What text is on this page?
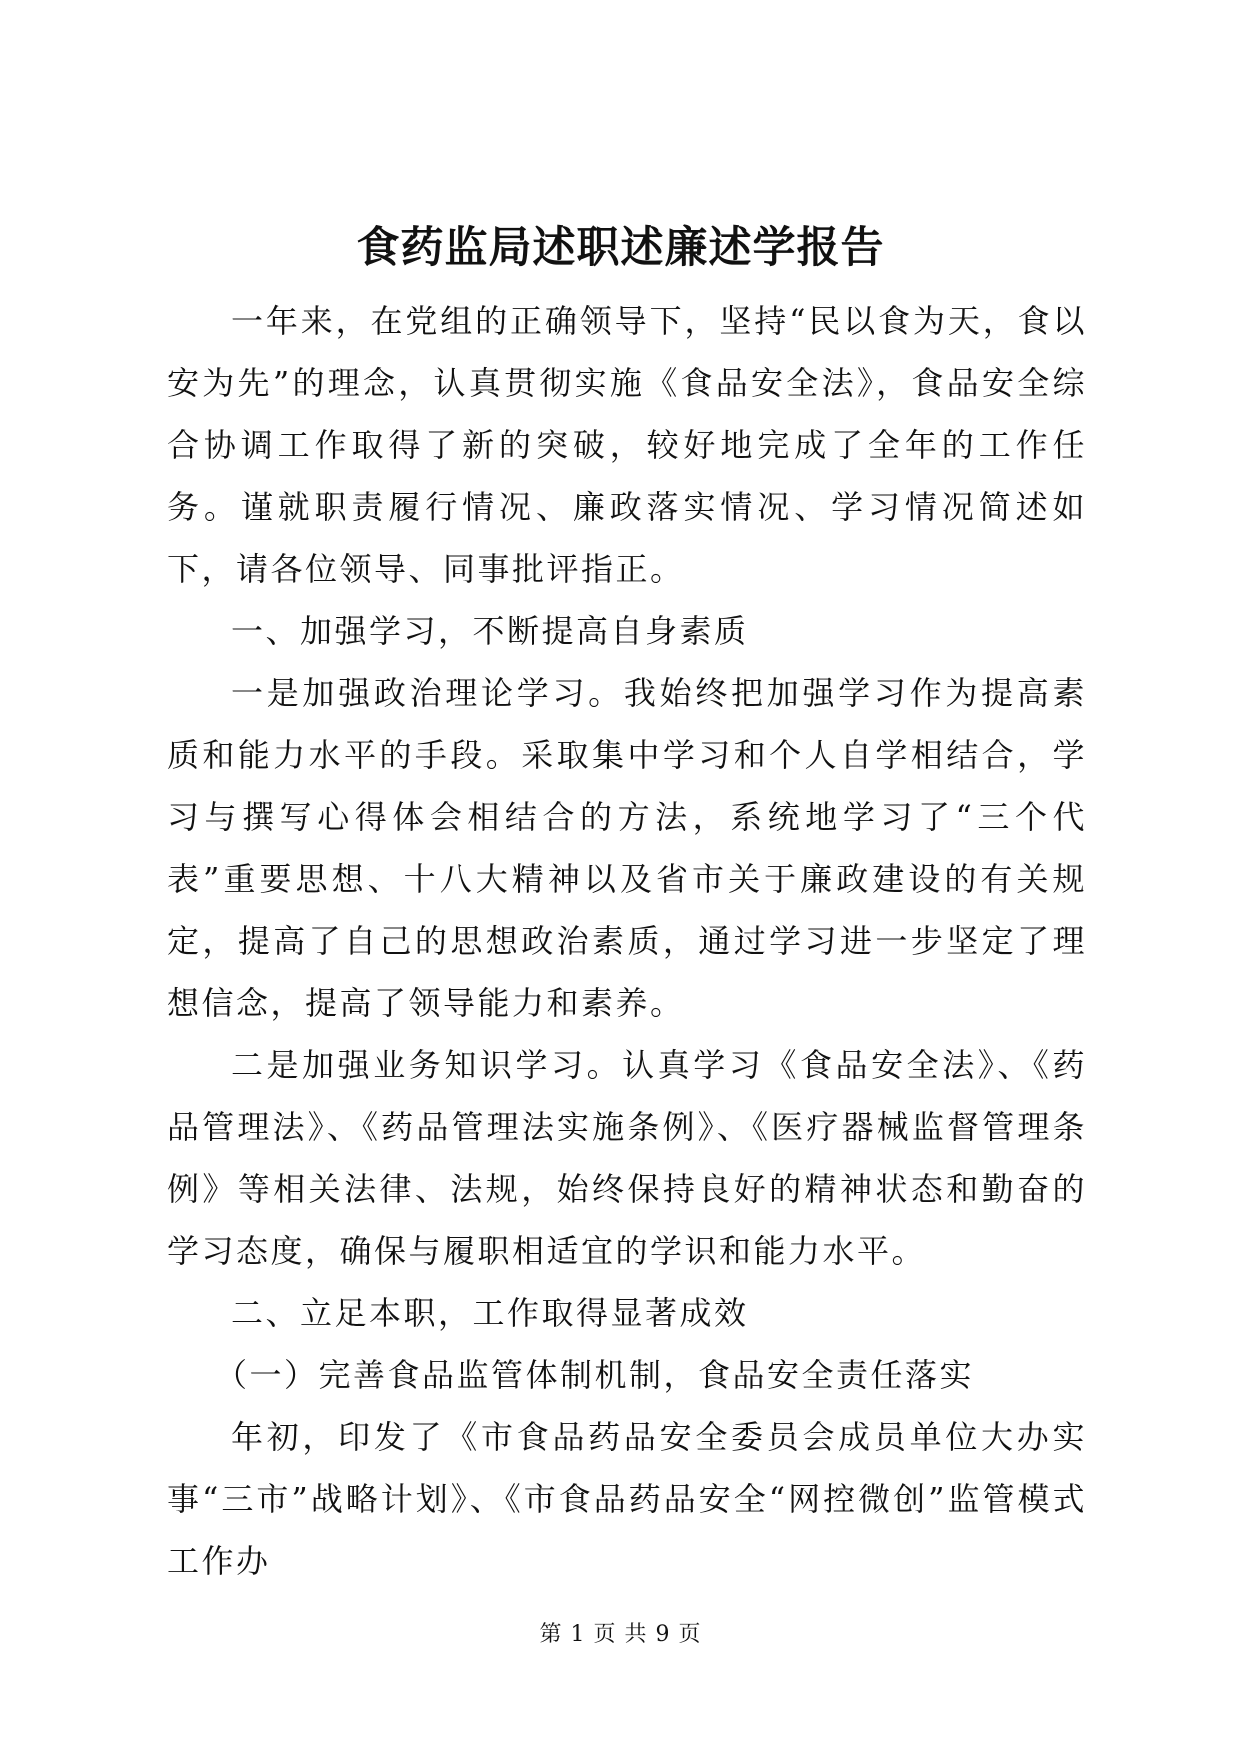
食药监局述职述廉述学报告

一年来，在党组的正确领导下，坚持“民以食为天，食以安为先”的理念，认真贯彻实施《食品安全法》，食品安全综合协调工作取得了新的突破，较好地完成了全年的工作任务。谨就职责履行情况、廉政落实情况、学习情况简述如下，请各位领导、同事批评指正。

一、加强学习，不断提高自身素质

一是加强政治理论学习。我始终把加强学习作为提高素质和能力水平的手段。采取集中学习和个人自学相结合，学习与撰写心得体会相结合的方法，系统地学习了“三个代表”重要思想、十八大精神以及省市关于廉政建设的有关规定，提高了自己的思想政治素质，通过学习进一步坚定了理想信念，提高了领导能力和素养。

二是加强业务知识学习。认真学习《食品安全法》、《药品管理法》、《药品管理法实施条例》、《医疗器械监督管理条例》等相关法律、法规，始终保持良好的精神状态和勤奋的学习态度，确保与履职相适宜的学识和能力水平。

二、立足本职，工作取得显著成效

（一）完善食品监管体制机制，食品安全责任落实

年初，印发了《市食品药品安全委员会成员单位大办实事“三市”战略计划》、《市食品药品安全“网控微创”监管模式工作办

第 1 页 共 9 页
